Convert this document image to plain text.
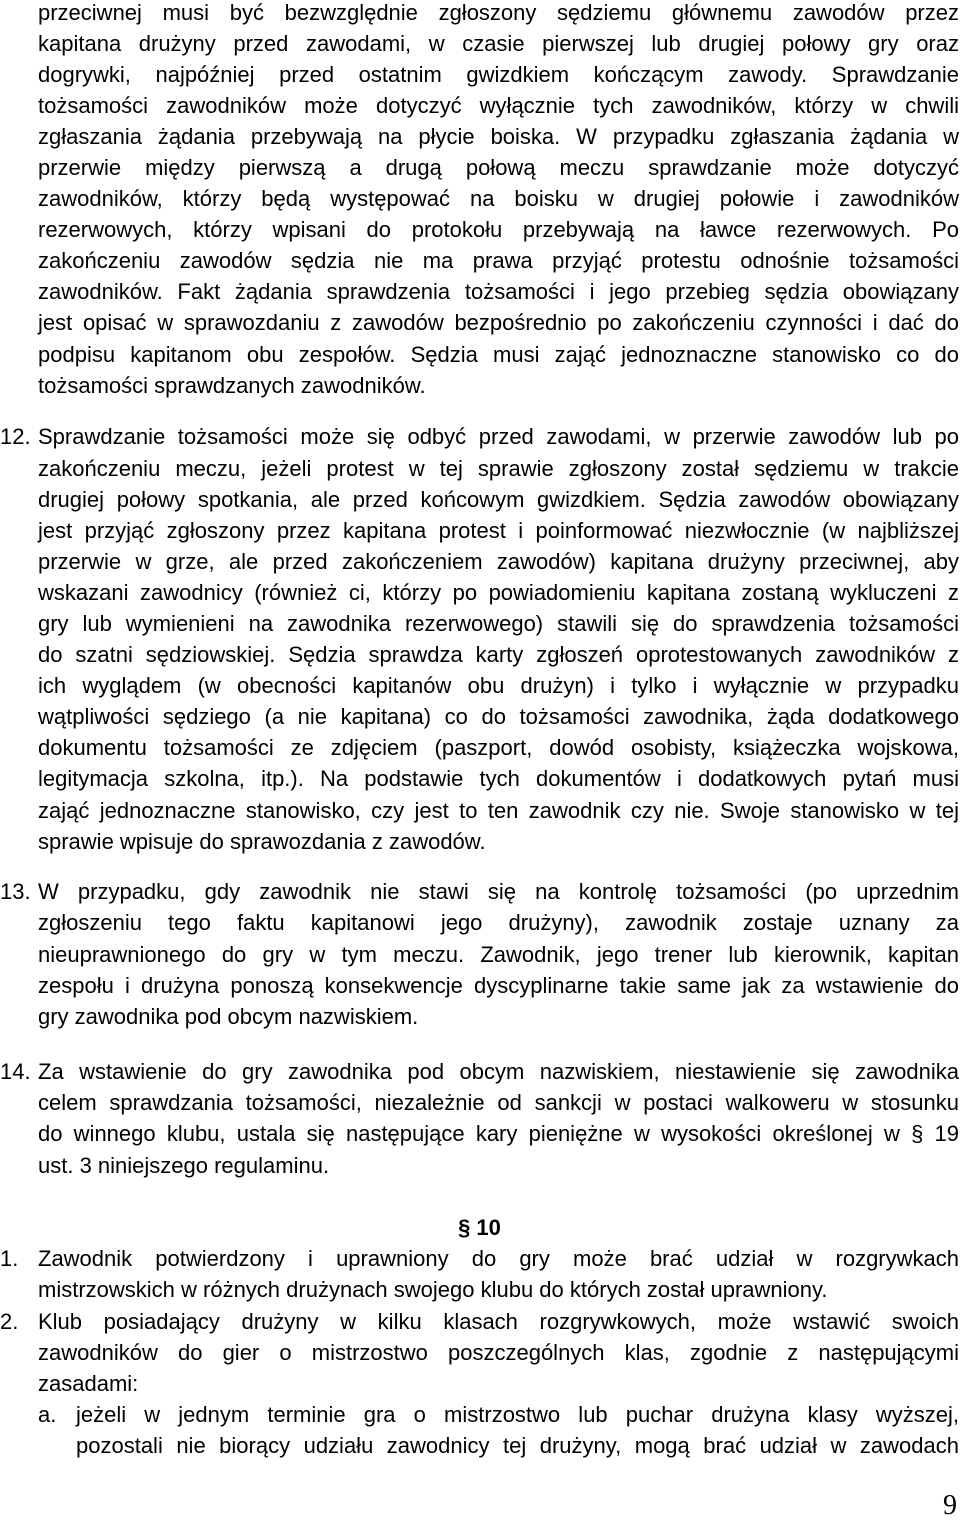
przeciwnej musi być bezwzględnie zgłoszony sędziemu głównemu zawodów przez
kapitana drużyny przed zawodami, w czasie pierwszej lub drugiej połowy gry oraz
dogrywki, najpóźniej przed ostatnim gwizdkiem kończącym zawody. Sprawdzanie
tożsamości zawodników może dotyczyć wyłącznie tych zawodników, którzy w chwili
zgłaszania żądania przebywają na płycie boiska. W przypadku zgłaszania żądania w
przerwie między pierwszą a drugą połową meczu sprawdzanie może dotyczyć
zawodników, którzy będą występować na boisku w drugiej połowie i zawodników
rezerwowych, którzy wpisani do protokołu przebywają na ławce rezerwowych. Po
zakończeniu zawodów sędzia nie ma prawa przyjąć protestu odnośnie tożsamości
zawodników. Fakt żądania sprawdzenia tożsamości i jego przebieg sędzia obowiązany
jest opisać w sprawozdaniu z zawodów bezpośrednio po zakończeniu czynności i dać do
podpisu kapitanom obu zespołów. Sędzia musi zająć jednoznaczne stanowisko co do
tożsamości sprawdzanych zawodników.
12. Sprawdzanie tożsamości może się odbyć przed zawodami, w przerwie zawodów lub po
zakończeniu meczu, jeżeli protest w tej sprawie zgłoszony został sędziemu w trakcie
drugiej połowy spotkania, ale przed końcowym gwizdkiem. Sędzia zawodów obowiązany
jest przyjąć zgłoszony przez kapitana protest i poinformować niezwłocznie (w najbliższej
przerwie w grze, ale przed zakończeniem zawodów) kapitana drużyny przeciwnej, aby
wskazani zawodnicy (również ci, którzy po powiadomieniu kapitana zostaną wykluczeni z
gry lub wymienieni na zawodnika rezerwowego) stawili się do sprawdzenia tożsamości
do szatni sędziowskiej. Sędzia sprawdza karty zgłoszeń oprotestowanych zawodników z
ich wyglądem (w obecności kapitanów obu drużyn) i tylko i wyłącznie w przypadku
wątpliwości sędziego (a nie kapitana) co do tożsamości zawodnika, żąda dodatkowego
dokumentu tożsamości ze zdjęciem (paszport, dowód osobisty, książeczka wojskowa,
legitymacja szkolna, itp.). Na podstawie tych dokumentów i dodatkowych pytań musi
zająć jednoznaczne stanowisko, czy jest to ten zawodnik czy nie. Swoje stanowisko w tej
sprawie wpisuje do sprawozdania z zawodów.
13. W przypadku, gdy zawodnik nie stawi się na kontrolę tożsamości (po uprzednim
zgłoszeniu tego faktu kapitanowi jego drużyny), zawodnik zostaje uznany za
nieuprawnionego do gry w tym meczu. Zawodnik, jego trener lub kierownik, kapitan
zespołu i drużyna ponoszą konsekwencje dyscyplinarne takie same jak za wstawienie do
gry zawodnika pod obcym nazwiskiem.
14. Za wstawienie do gry zawodnika pod obcym nazwiskiem, niestawienie się zawodnika
celem sprawdzania tożsamości, niezależnie od sankcji w postaci walkoweru w stosunku
do winnego klubu, ustala się następujące kary pieniężne w wysokości określonej w § 19
ust. 3 niniejszego regulaminu.
§ 10
1. Zawodnik potwierdzony i uprawniony do gry może brać udział w rozgrywkach
mistrzowskich w różnych drużynach swojego klubu do których został uprawniony.
2. Klub posiadający drużyny w kilku klasach rozgrywkowych, może wstawić swoich
zawodników do gier o mistrzostwo poszczególnych klas, zgodnie z następującymi
zasadami:
a. jeżeli w jednym terminie gra o mistrzostwo lub puchar drużyna klasy wyższej,
pozostali nie biorący udziału zawodnicy tej drużyny, mogą brać udział w zawodach
9
